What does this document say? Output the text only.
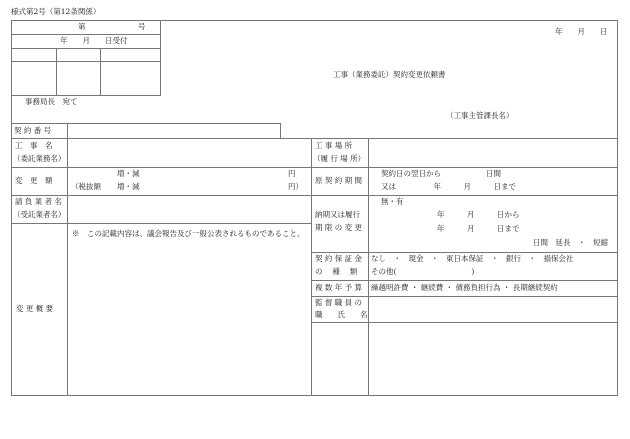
様式第2号（第12条関係）
第　　　　　　　号
年　　月　　日受付
年　　月　　日
工事（業務委託）契約変更依頼書
事務局長　宛て
（工事主管課長名）
契 約 番 号
工　事　名
（委託業務名）
変　更　額
増・減	円
（税抜額 増・減	円）
請 負 業 者 名
（受託業者名）
変 更 概 要
※　この記載内容は、議会報告及び一般公表されるものであること。
工 事 場 所
（履 行 場 所）
原 契 約 期 間
契約日の翌日から　　　　　　日間
又は　　　　　年　　　月　　　日まで
納期又は履行
期 限 の 変 更
無・有
年　　　月　　　日から
年　　　月　　　日まで
日間　延長　・　短縮
契 約 保 証 金
の　 種　 類
なし　・　現金　・　東日本保証　・　銀行　・　損保会社
その他(　　　　　　　　　　)
複 数 年 予 算 繰越明許費 ・ 継続費 ・ 債務負担行為 ・ 長期継続契約
監 督 職 員 の
職　　氏　　名
